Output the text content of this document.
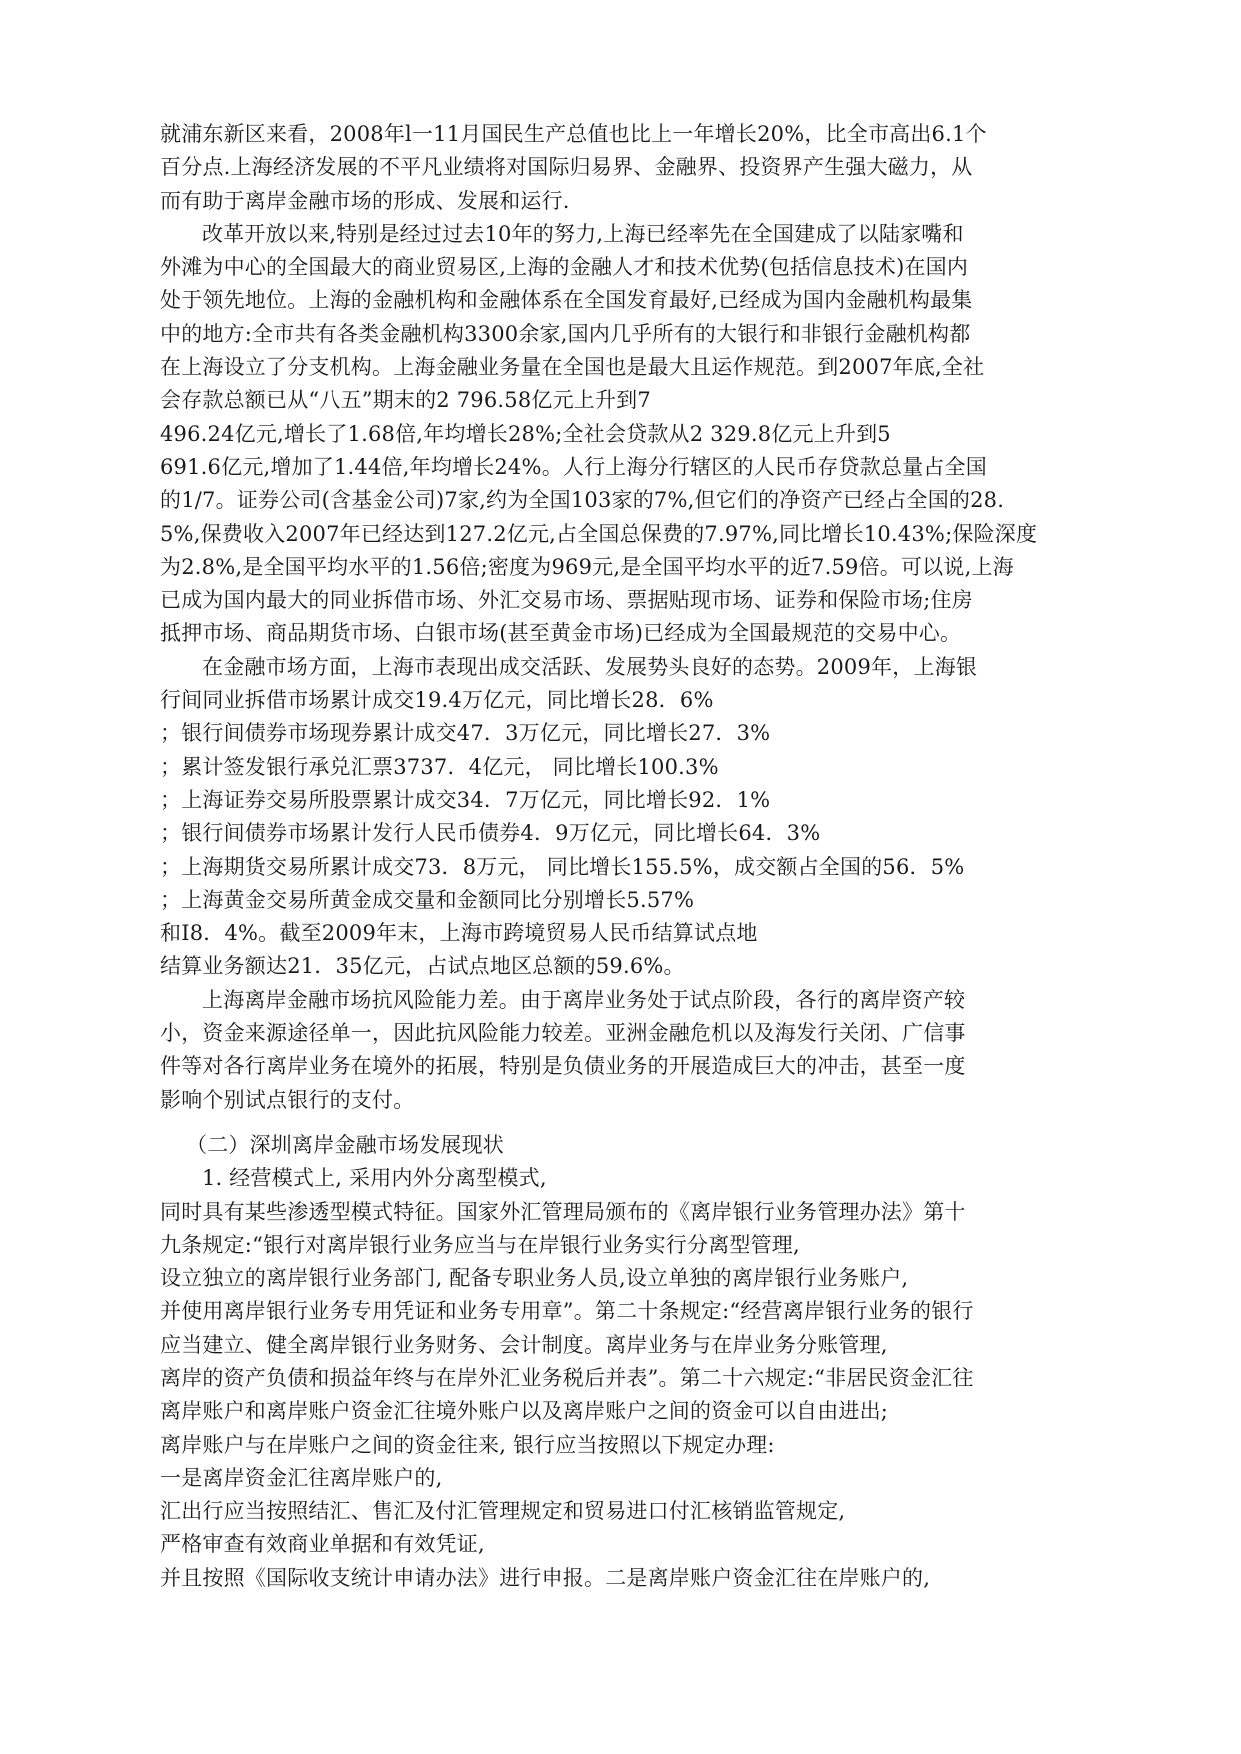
就浦东新区来看，2008年l一11月国民生产总值也比上一年增长20%，比全市高出6.1个
百分点.上海经济发展的不平凡业绩将对国际归易界、金融界、投资界产生强大磁力，从
而有助于离岸金融市场的形成、发展和运行.
改革开放以来,特别是经过过去10年的努力,上海已经率先在全国建成了以陆家嘴和
外滩为中心的全国最大的商业贸易区,上海的金融人才和技术优势(包括信息技术)在国内
处于领先地位。上海的金融机构和金融体系在全国发育最好,已经成为国内金融机构最集
中的地方:全市共有各类金融机构3300余家,国内几乎所有的大银行和非银行金融机构都
在上海设立了分支机构。上海金融业务量在全国也是最大且运作规范。到2007年底,全社
会存款总额已从“八五”期末的2 796.58亿元上升到7
496.24亿元,增长了1.68倍,年均增长28%;全社会贷款从2 329.8亿元上升到5
691.6亿元,增加了1.44倍,年均增长24%。人行上海分行辖区的人民币存贷款总量占全国
的1/7。证券公司(含基金公司)7家,约为全国103家的7%,但它们的净资产已经占全国的28.
5%,保费收入2007年已经达到127.2亿元,占全国总保费的7.97%,同比增长10.43%;保险深度
为2.8%,是全国平均水平的1.56倍;密度为969元,是全国平均水平的近7.59倍。可以说,上海
已成为国内最大的同业拆借市场、外汇交易市场、票据贴现市场、证券和保险市场;住房
抵押市场、商品期货市场、白银市场(甚至黄金市场)已经成为全国最规范的交易中心。
在金融市场方面，上海市表现出成交活跃、发展势头良好的态势。2009年，上海银
行间同业拆借市场累计成交19.4万亿元，同比增长28．6%
；银行间债券市场现券累计成交47．3万亿元，同比增长27．3%
；累计签发银行承兑汇票3737．4亿元， 同比增长100.3%
；上海证券交易所股票累计成交34．7万亿元，同比增长92．1%
；银行间债券市场累计发行人民币债券4．9万亿元，同比增长64．3%
；上海期货交易所累计成交73．8万元， 同比增长155.5%，成交额占全国的56．5%
；上海黄金交易所黄金成交量和金额同比分别增长5.57%
和I8．4%。截至2009年末，上海市跨境贸易人民币结算试点地
结算业务额达21．35亿元，占试点地区总额的59.6%。
上海离岸金融市场抗风险能力差。由于离岸业务处于试点阶段，各行的离岸资产较
小，资金来源途径单一，因此抗风险能力较差。亚洲金融危机以及海发行关闭、广信事
件等对各行离岸业务在境外的拓展，特别是负债业务的开展造成巨大的冲击，甚至一度
影响个别试点银行的支付。
（二）深圳离岸金融市场发展现状
1. 经营模式上, 采用内外分离型模式,
同时具有某些渗透型模式特征。国家外汇管理局颁布的《离岸银行业务管理办法》第十
九条规定:“银行对离岸银行业务应当与在岸银行业务实行分离型管理,
设立独立的离岸银行业务部门, 配备专职业务人员,设立单独的离岸银行业务账户,
并使用离岸银行业务专用凭证和业务专用章”。第二十条规定:“经营离岸银行业务的银行
应当建立、健全离岸银行业务财务、会计制度。离岸业务与在岸业务分账管理,
离岸的资产负债和损益年终与在岸外汇业务税后并表”。第二十六规定:“非居民资金汇往
离岸账户和离岸账户资金汇往境外账户以及离岸账户之间的资金可以自由进出;
离岸账户与在岸账户之间的资金往来, 银行应当按照以下规定办理:
一是离岸资金汇往离岸账户的,
汇出行应当按照结汇、售汇及付汇管理规定和贸易进口付汇核销监管规定,
严格审查有效商业单据和有效凭证,
并且按照《国际收支统计申请办法》进行申报。二是离岸账户资金汇往在岸账户的,
